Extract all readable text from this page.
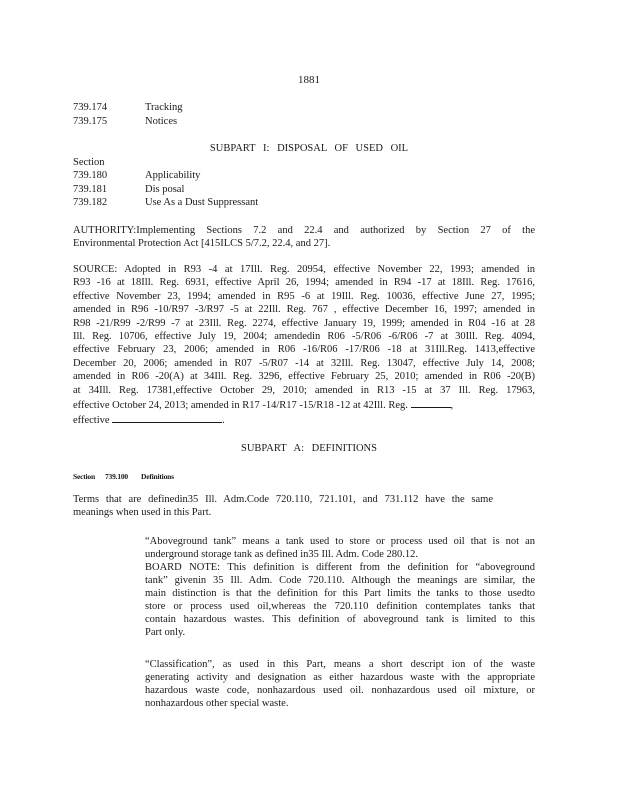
1881
739.174	Tracking
739.175	Notices
SUBPART I: DISPOSAL OF USED OIL
Section
739.180	Applicability
739.181	Dis posal
739.182	Use As a Dust Suppressant

AUTHORITY:Implementing Sections 7.2 and 22.4 and authorized by Section 27 of the

Environmental Protection Act [415ILCS 5/7.2, 22.4, and 27].

SOURCE: Adopted in R93 -4 at 17Ill. Reg. 20954, effective November 22, 1993; amended in

R93 -16 at 18Ill. Reg. 6931, effective April 26, 1994; amended in R94 -17 at 18Ill. Reg. 17616,

effective November 23, 1994; amended in R95 -6 at 19Ill. Reg. 10036, effective June 27, 1995;

amended in R96 -10/R97 -3/R97 -5 at 22Ill. Reg. 767 , effective December 16, 1997; amended in

R98 -21/R99 -2/R99 -7 at 23Ill. Reg. 2274, effective January 19, 1999; amended in R04 -16 at 28

Ill. Reg. 10706, effective July 19, 2004; amendedin R06 -5/R06 -6/R06 -7 at 30Ill. Reg. 4094,

effective February 23, 2006; amended in R06 -16/R06 -17/R06 -18 at 31Ill.Reg. 1413,effective

December 20, 2006; amended in R07 -5/R07 -14 at 32Ill. Reg. 13047, effective July 14, 2008;

amended in R06 -20(A) at 34Ill. Reg. 3296, effective February 25, 2010; amended in R06 -20(B)

at 34Ill. Reg. 17381,effective October 29, 2010; amended in R13 -15 at 37 Ill. Reg. 17963,

effective October 24, 2013; amended in R17 -14/R17 -15/R18 -12 at 42Ill. Reg.	,

effective	.

SUBPART A: DEFINITIONS
Section 739.100 Definitions

Terms that are definedin35 Ill. Adm.Code 720.110, 721.101, and 731.112 have the same

meanings when used in this Part.

“Aboveground tank” means a tank used to store or process used oil that is not an

underground storage tank as defined in35 Ill. Adm. Code 280.12.

BOARD NOTE: This definition is different from the definition for “aboveground

tank” givenin 35 Ill. Adm. Code 720.110. Although the meanings are similar, the

main distinction is that the definition for this Part limits the tanks to those usedto

store or process used oil,whereas the 720.110 definition contemplates tanks that

contain hazardous wastes. This definition of aboveground tank is limited to this

Part only.

“Classification”, as used in this Part, means a short descript ion of the waste

generating activity and designation as either hazardous waste with the appropriate

hazardous waste code, nonhazardous used oil. nonhazardous used oil mixture, or

nonhazardous other special waste.
